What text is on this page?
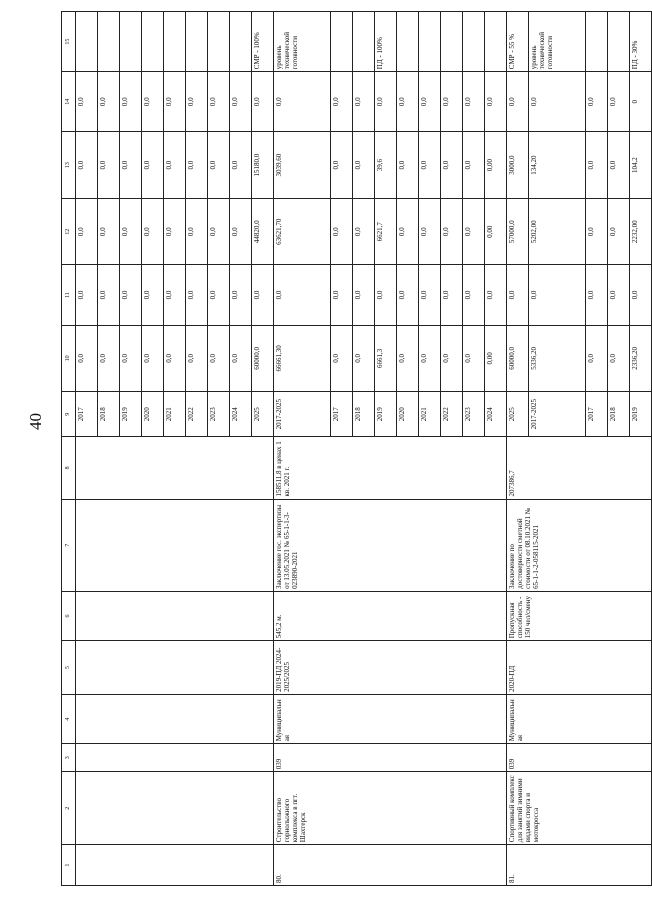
40
1	2	3	4	5	6	7	8	9	10	11	12	13	14	15
								2017	0,0	0,0	0,0	0,0	0,0	
								2018	0,0	0,0	0,0	0,0	0,0	
								2019	0,0	0,0	0,0	0,0	0,0	
								2020	0,0	0,0	0,0	0,0	0,0	
								2021	0,0	0,0	0,0	0,0	0,0	
								2022	0,0	0,0	0,0	0,0	0,0	
								2023	0,0	0,0	0,0	0,0	0,0	
								2024	0,0	0,0	0,0	0,0	0,0	
								2025	60000,0	0,0	44820,0	15180,0	0,0	СМР - 100%
80.	Строительство горнолыжного комплекса в пгт. Шахтерск	039	Муниципальная	2019-ПД 2024-2025/2025	545,2 м.	Заключение гос. экспертизы от 13.05.2021 № 65-1-1-3-023890-2021	158511,8 в ценах 1 кв. 2021 г.	2017-2025	66661,30	0,0	63621,70	3039,60	0,0	уровень технической готовности
								2017	0,0	0,0	0,0	0,0	0,0	
								2018	0,0	0,0	0,0	0,0	0,0	
								2019	6661,3	0,0	6621,7	39,6	0,0	ПД - 100%
								2020	0,0	0,0	0,0	0,0	0,0	
								2021	0,0	0,0	0,0	0,0	0,0	
								2022	0,0	0,0	0,0	0,0	0,0	
								2023	0,0	0,0	0,0	0,0	0,0	
								2024	0,00	0,0	0,00	0,00	0,0	
81.	Спортивный комплекс для занятий зимними видами спорта и мотокросса	039	Муниципальная	2020-ПД	Пропускная способность - 150 чел/смену	Заключение по достоверности сметной стоимости от 08.10.2021 № 65-1-1-2-058115-2021	207386,7	2025	60000,0	0,0	57000,0	3000,0	0,0	СМР - 55 %
								2017-2025	5336,20	0,0	5202,00	134,20	0,0	уровень технической готовности
								2017	0,0	0,0	0,0	0,0	0,0	
								2018	0,0	0,0	0,0	0,0	0,0	
								2019	2336,20	0,0	2232,00	104,2	0	ПД - 30%
